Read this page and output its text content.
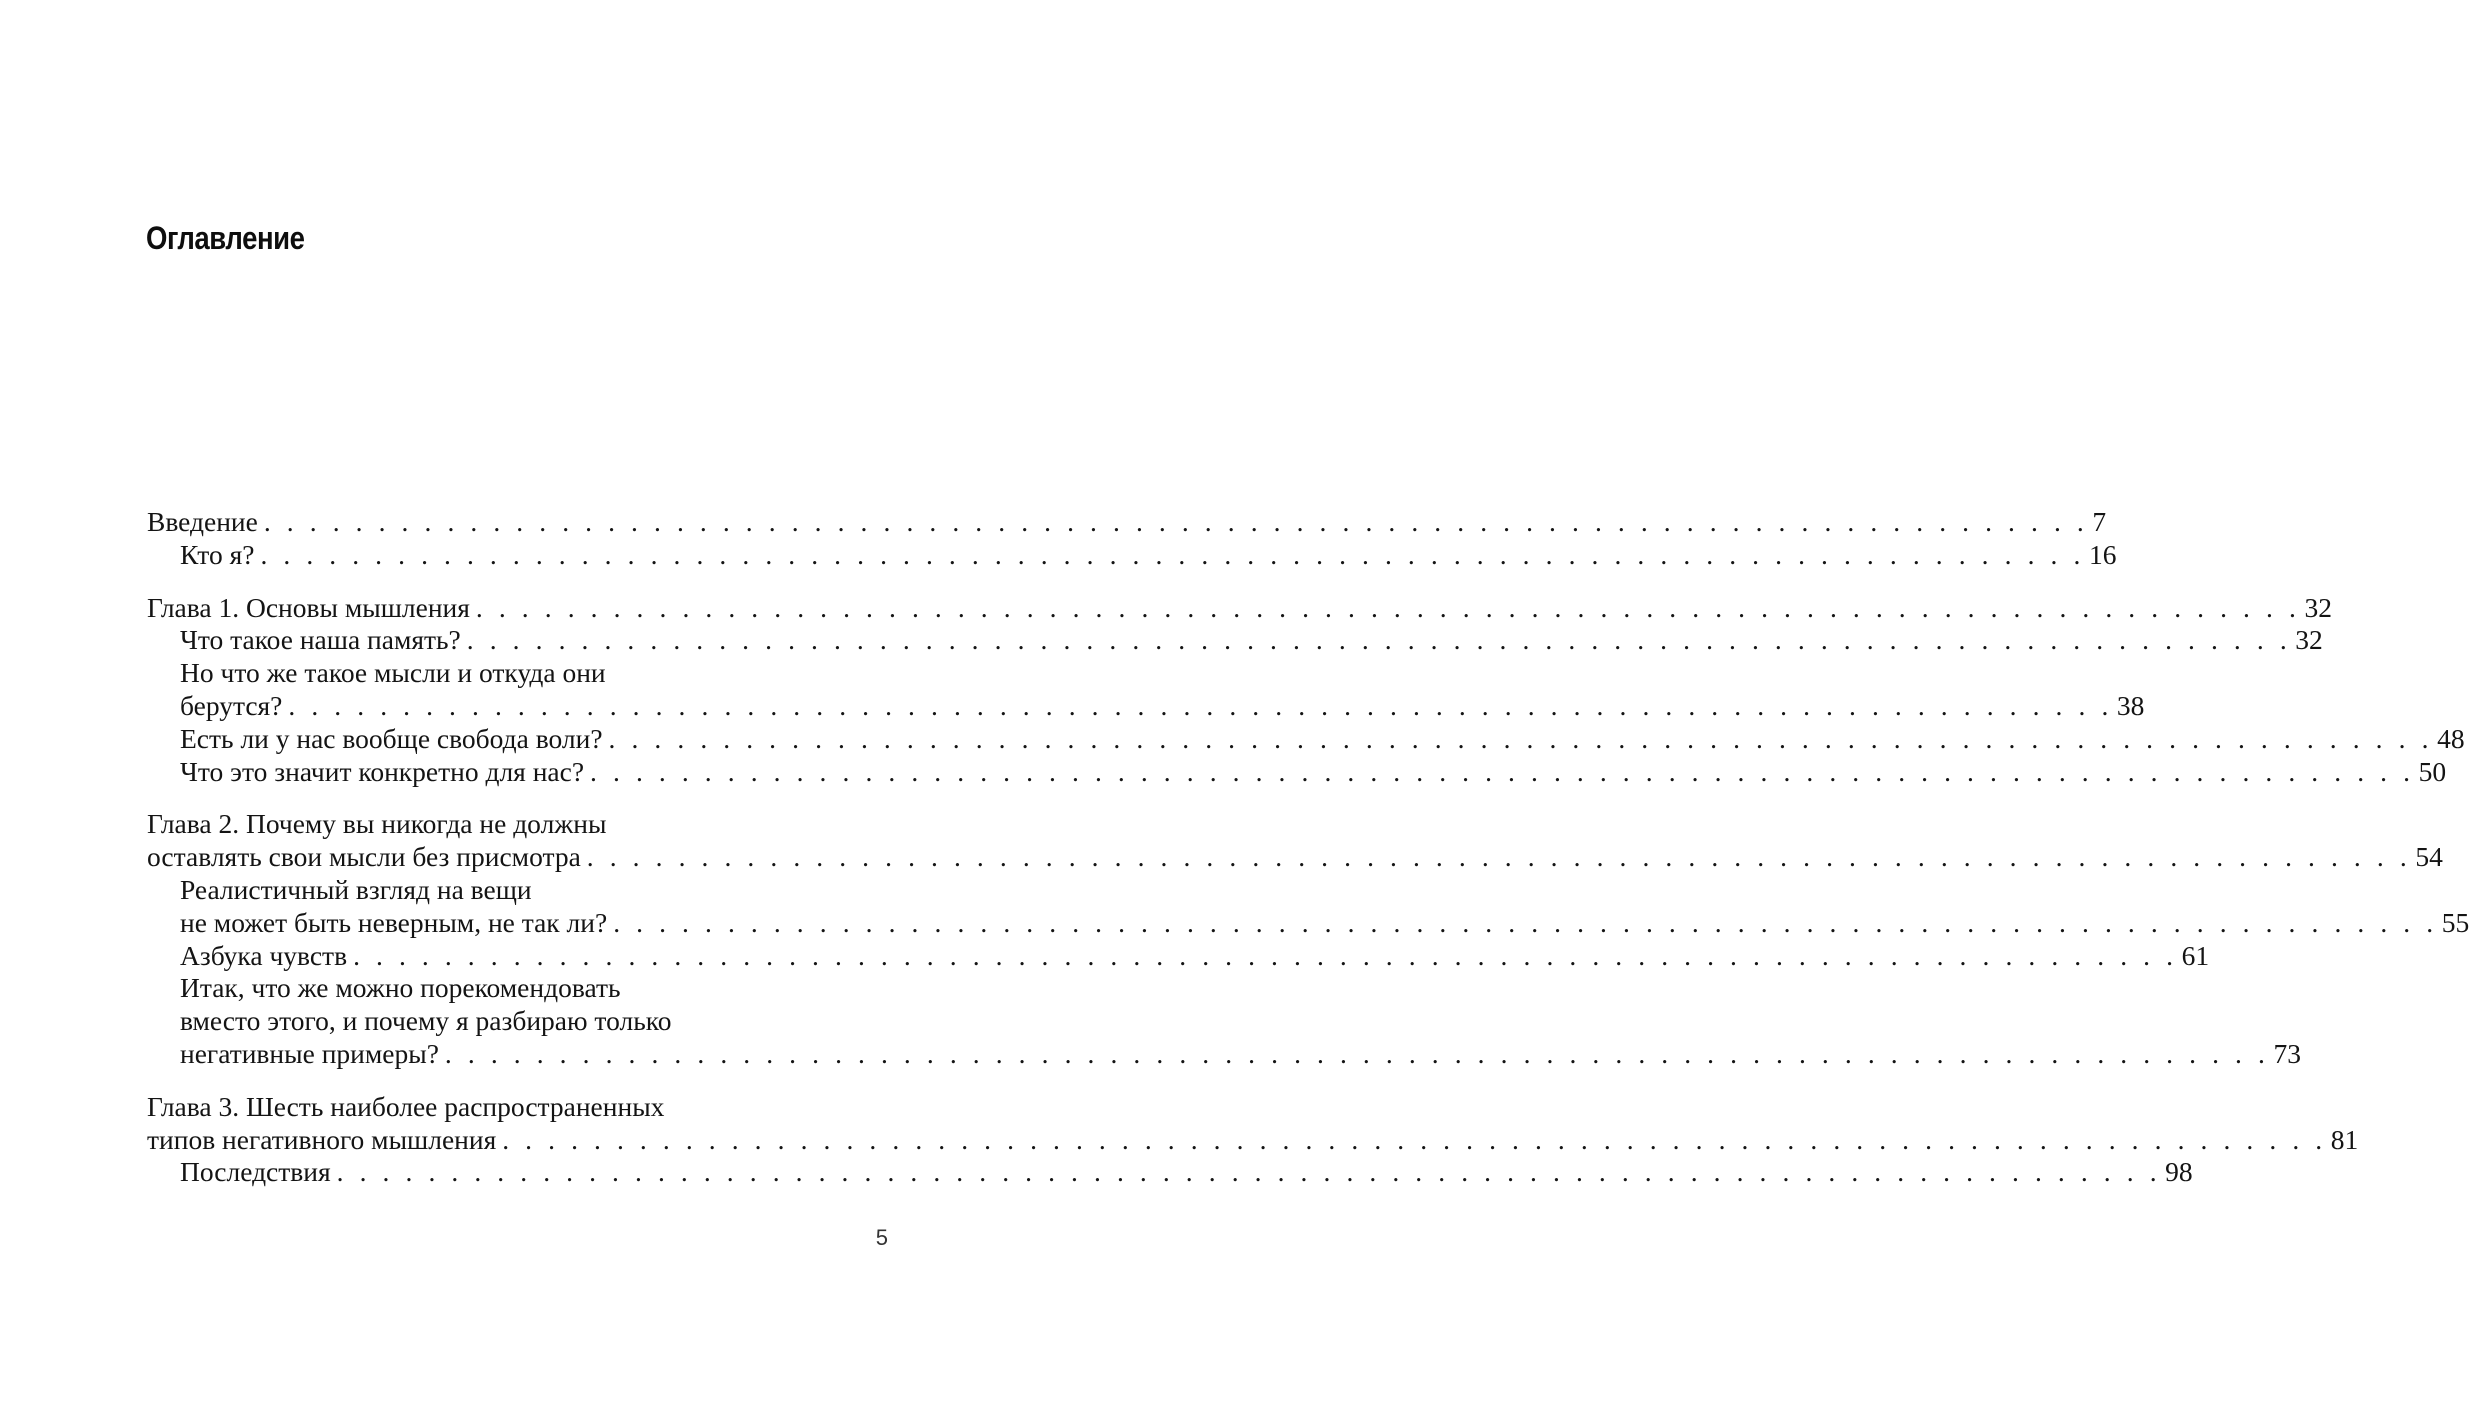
Оглавление
Введение . . . . . . . . . . . . . . . . . . . . . . . . . . . . . . . . . . . . . . . . . . . . . . . . . . . . . . . . . . . . . . . . . . . . . . . . . . . . . . . . 7
Кто я? . . . . . . . . . . . . . . . . . . . . . . . . . . . . . . . . . . . . . . . . . . . . . . . . . . . . . . . . . . . . . . . . . . . . . . . . . . . . . . . . 16
Глава 1. Основы мышления . . . . . . . . . . . . . . . . . . . . . . . . . . . . . . . . . . . . . . . . . . . . . . . . . . . . . . . . . . . . . . . . . . . . . . . . . . . . . . . . 32
Что такое наша память? . . . . . . . . . . . . . . . . . . . . . . . . . . . . . . . . . . . . . . . . . . . . . . . . . . . . . . . . . . . . . . . . . . . . . . . . . . . . . . . . 32
Но что же такое мысли и откуда они
берутся? . . . . . . . . . . . . . . . . . . . . . . . . . . . . . . . . . . . . . . . . . . . . . . . . . . . . . . . . . . . . . . . . . . . . . . . . . . . . . . . . 38
Есть ли у нас вообще свобода воли? . . . . . . . . . . . . . . . . . . . . . . . . . . . . . . . . . . . . . . . . . . . . . . . . . . . . . . . . . . . . . . . . . . . . . . . . . . . . . . . . 48
Что это значит конкретно для нас? . . . . . . . . . . . . . . . . . . . . . . . . . . . . . . . . . . . . . . . . . . . . . . . . . . . . . . . . . . . . . . . . . . . . . . . . . . . . . . . . 50
Глава 2. Почему вы никогда не должны
оставлять свои мысли без присмотра . . . . . . . . . . . . . . . . . . . . . . . . . . . . . . . . . . . . . . . . . . . . . . . . . . . . . . . . . . . . . . . . . . . . . . . . . . . . . . . . 54
Реалистичный взгляд на вещи
не может быть неверным, не так ли? . . . . . . . . . . . . . . . . . . . . . . . . . . . . . . . . . . . . . . . . . . . . . . . . . . . . . . . . . . . . . . . . . . . . . . . . . . . . . . . . 55
Азбука чувств . . . . . . . . . . . . . . . . . . . . . . . . . . . . . . . . . . . . . . . . . . . . . . . . . . . . . . . . . . . . . . . . . . . . . . . . . . . . . . . . 61
Итак, что же можно порекомендовать
вместо этого, и почему я разбираю только
негативные примеры? . . . . . . . . . . . . . . . . . . . . . . . . . . . . . . . . . . . . . . . . . . . . . . . . . . . . . . . . . . . . . . . . . . . . . . . . . . . . . . . . 73
Глава 3. Шесть наиболее распространенных
типов негативного мышления . . . . . . . . . . . . . . . . . . . . . . . . . . . . . . . . . . . . . . . . . . . . . . . . . . . . . . . . . . . . . . . . . . . . . . . . . . . . . . . . 81
Последствия . . . . . . . . . . . . . . . . . . . . . . . . . . . . . . . . . . . . . . . . . . . . . . . . . . . . . . . . . . . . . . . . . . . . . . . . . . . . . . . . 98
5
